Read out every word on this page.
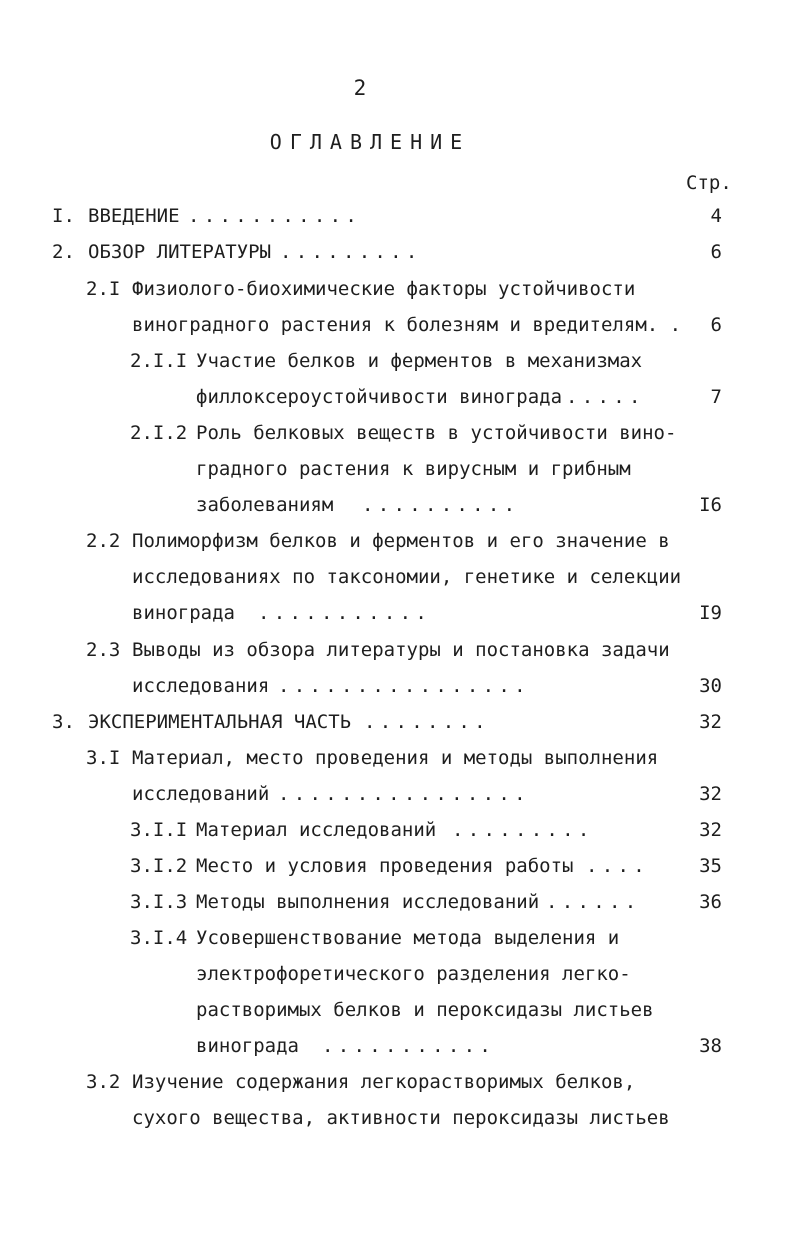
2
ОГЛАВЛЕНИЕ
Стр.
I. ВВЕДЕНИЕ ...........	4
2. ОБЗОР ЛИТЕРАТУРЫ .........	6
2.I Физиолого-биохимические факторы устойчивости
виноградного растения к болезням и вредителям. .	6
2.I.I Участие белков и ферментов в механизмах
филлоксероустойчивости винограда .....	7
2.I.2 Роль белковых веществ в устойчивости вино-
градного растения к вирусным и грибным
заболеваниям ..........	I6
2.2 Полиморфизм белков и ферментов и его значение в
исследованиях по таксономии, генетике и селекции
винограда ...........	I9
2.3 Выводы из обзора литературы и постановка задачи
исследования ................	30
3. ЭКСПЕРИМЕНТАЛЬНАЯ ЧАСТЬ ........	32
3.I Материал, место проведения и методы выполнения
исследований ................	32
3.I.I Материал исследований .........	32
3.I.2 Место и условия проведения работы ....	35
3.I.3 Методы выполнения исследований ......	36
3.I.4 Усовершенствование метода выделения и
электрофоретического разделения легко-
растворимых белков и пероксидазы листьев
винограда ...........	38
3.2 Изучение содержания легкорастворимых белков,
сухого вещества, активности пероксидазы листьев
